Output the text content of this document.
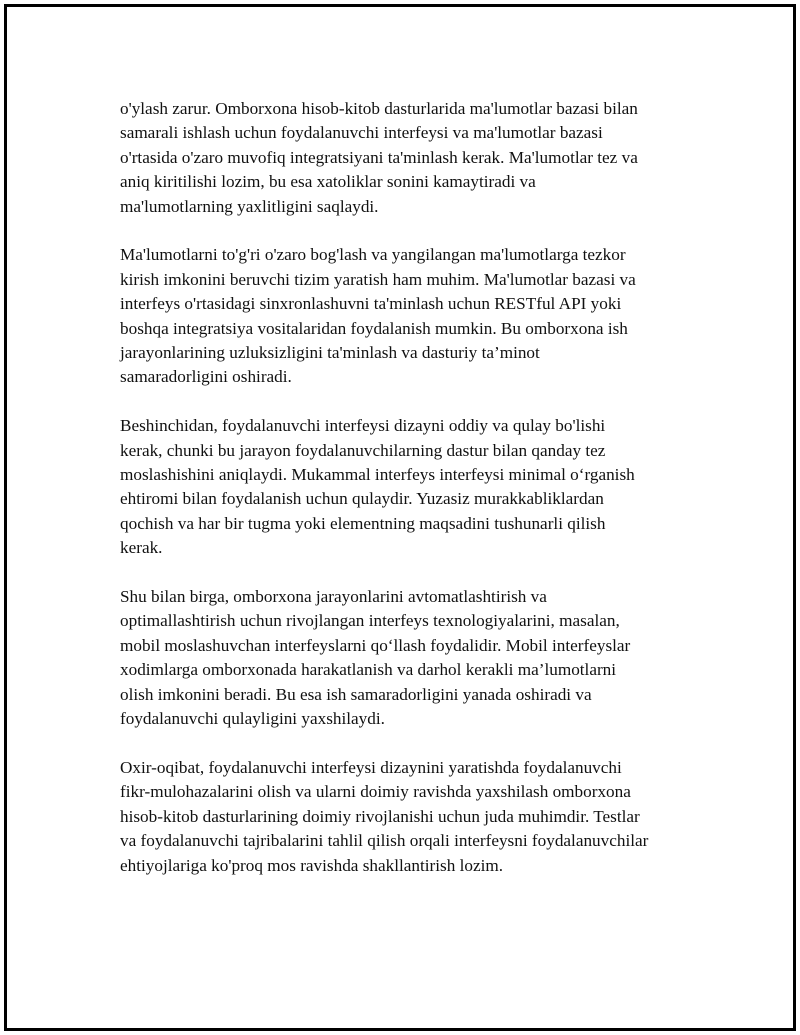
o'ylash zarur. Omborxona hisob-kitob dasturlarida ma'lumotlar bazasi bilan
samarali ishlash uchun foydalanuvchi interfeysi va ma'lumotlar bazasi
o'rtasida o'zaro muvofiq integratsiyani ta'minlash kerak. Ma'lumotlar tez va
aniq kiritilishi lozim, bu esa xatoliklar sonini kamaytiradi va
ma'lumotlarning yaxlitligini saqlaydi.

Ma'lumotlarni to'g'ri o'zaro bog'lash va yangilangan ma'lumotlarga tezkor
kirish imkonini beruvchi tizim yaratish ham muhim. Ma'lumotlar bazasi va
interfeys o'rtasidagi sinxronlashuvni ta'minlash uchun RESTful API yoki
boshqa integratsiya vositalaridan foydalanish mumkin. Bu omborxona ish
jarayonlarining uzluksizligini ta'minlash va dasturiy ta’minot
samaradorligini oshiradi.

Beshinchidan, foydalanuvchi interfeysi dizayni oddiy va qulay bo'lishi
kerak, chunki bu jarayon foydalanuvchilarning dastur bilan qanday tez
moslashishini aniqlaydi. Mukammal interfeys interfeysi minimal o‘rganish
ehtiromi bilan foydalanish uchun qulaydir. Yuzasiz murakkabliklardan
qochish va har bir tugma yoki elementning maqsadini tushunarli qilish
kerak.

Shu bilan birga, omborxona jarayonlarini avtomatlashtirish va
optimallashtirish uchun rivojlangan interfeys texnologiyalarini, masalan,
mobil moslashuvchan interfeyslarni qo‘llash foydalidir. Mobil interfeyslar
xodimlarga omborxonada harakatlanish va darhol kerakli ma’lumotlarni
olish imkonini beradi. Bu esa ish samaradorligini yanada oshiradi va
foydalanuvchi qulayligini yaxshilaydi.

Oxir-oqibat, foydalanuvchi interfeysi dizaynini yaratishda foydalanuvchi
fikr-mulohazalarini olish va ularni doimiy ravishda yaxshilash omborxona
hisob-kitob dasturlarining doimiy rivojlanishi uchun juda muhimdir. Testlar
va foydalanuvchi tajribalarini tahlil qilish orqali interfeysni foydalanuvchilar
ehtiyojlariga ko'proq mos ravishda shakllantirish lozim.
